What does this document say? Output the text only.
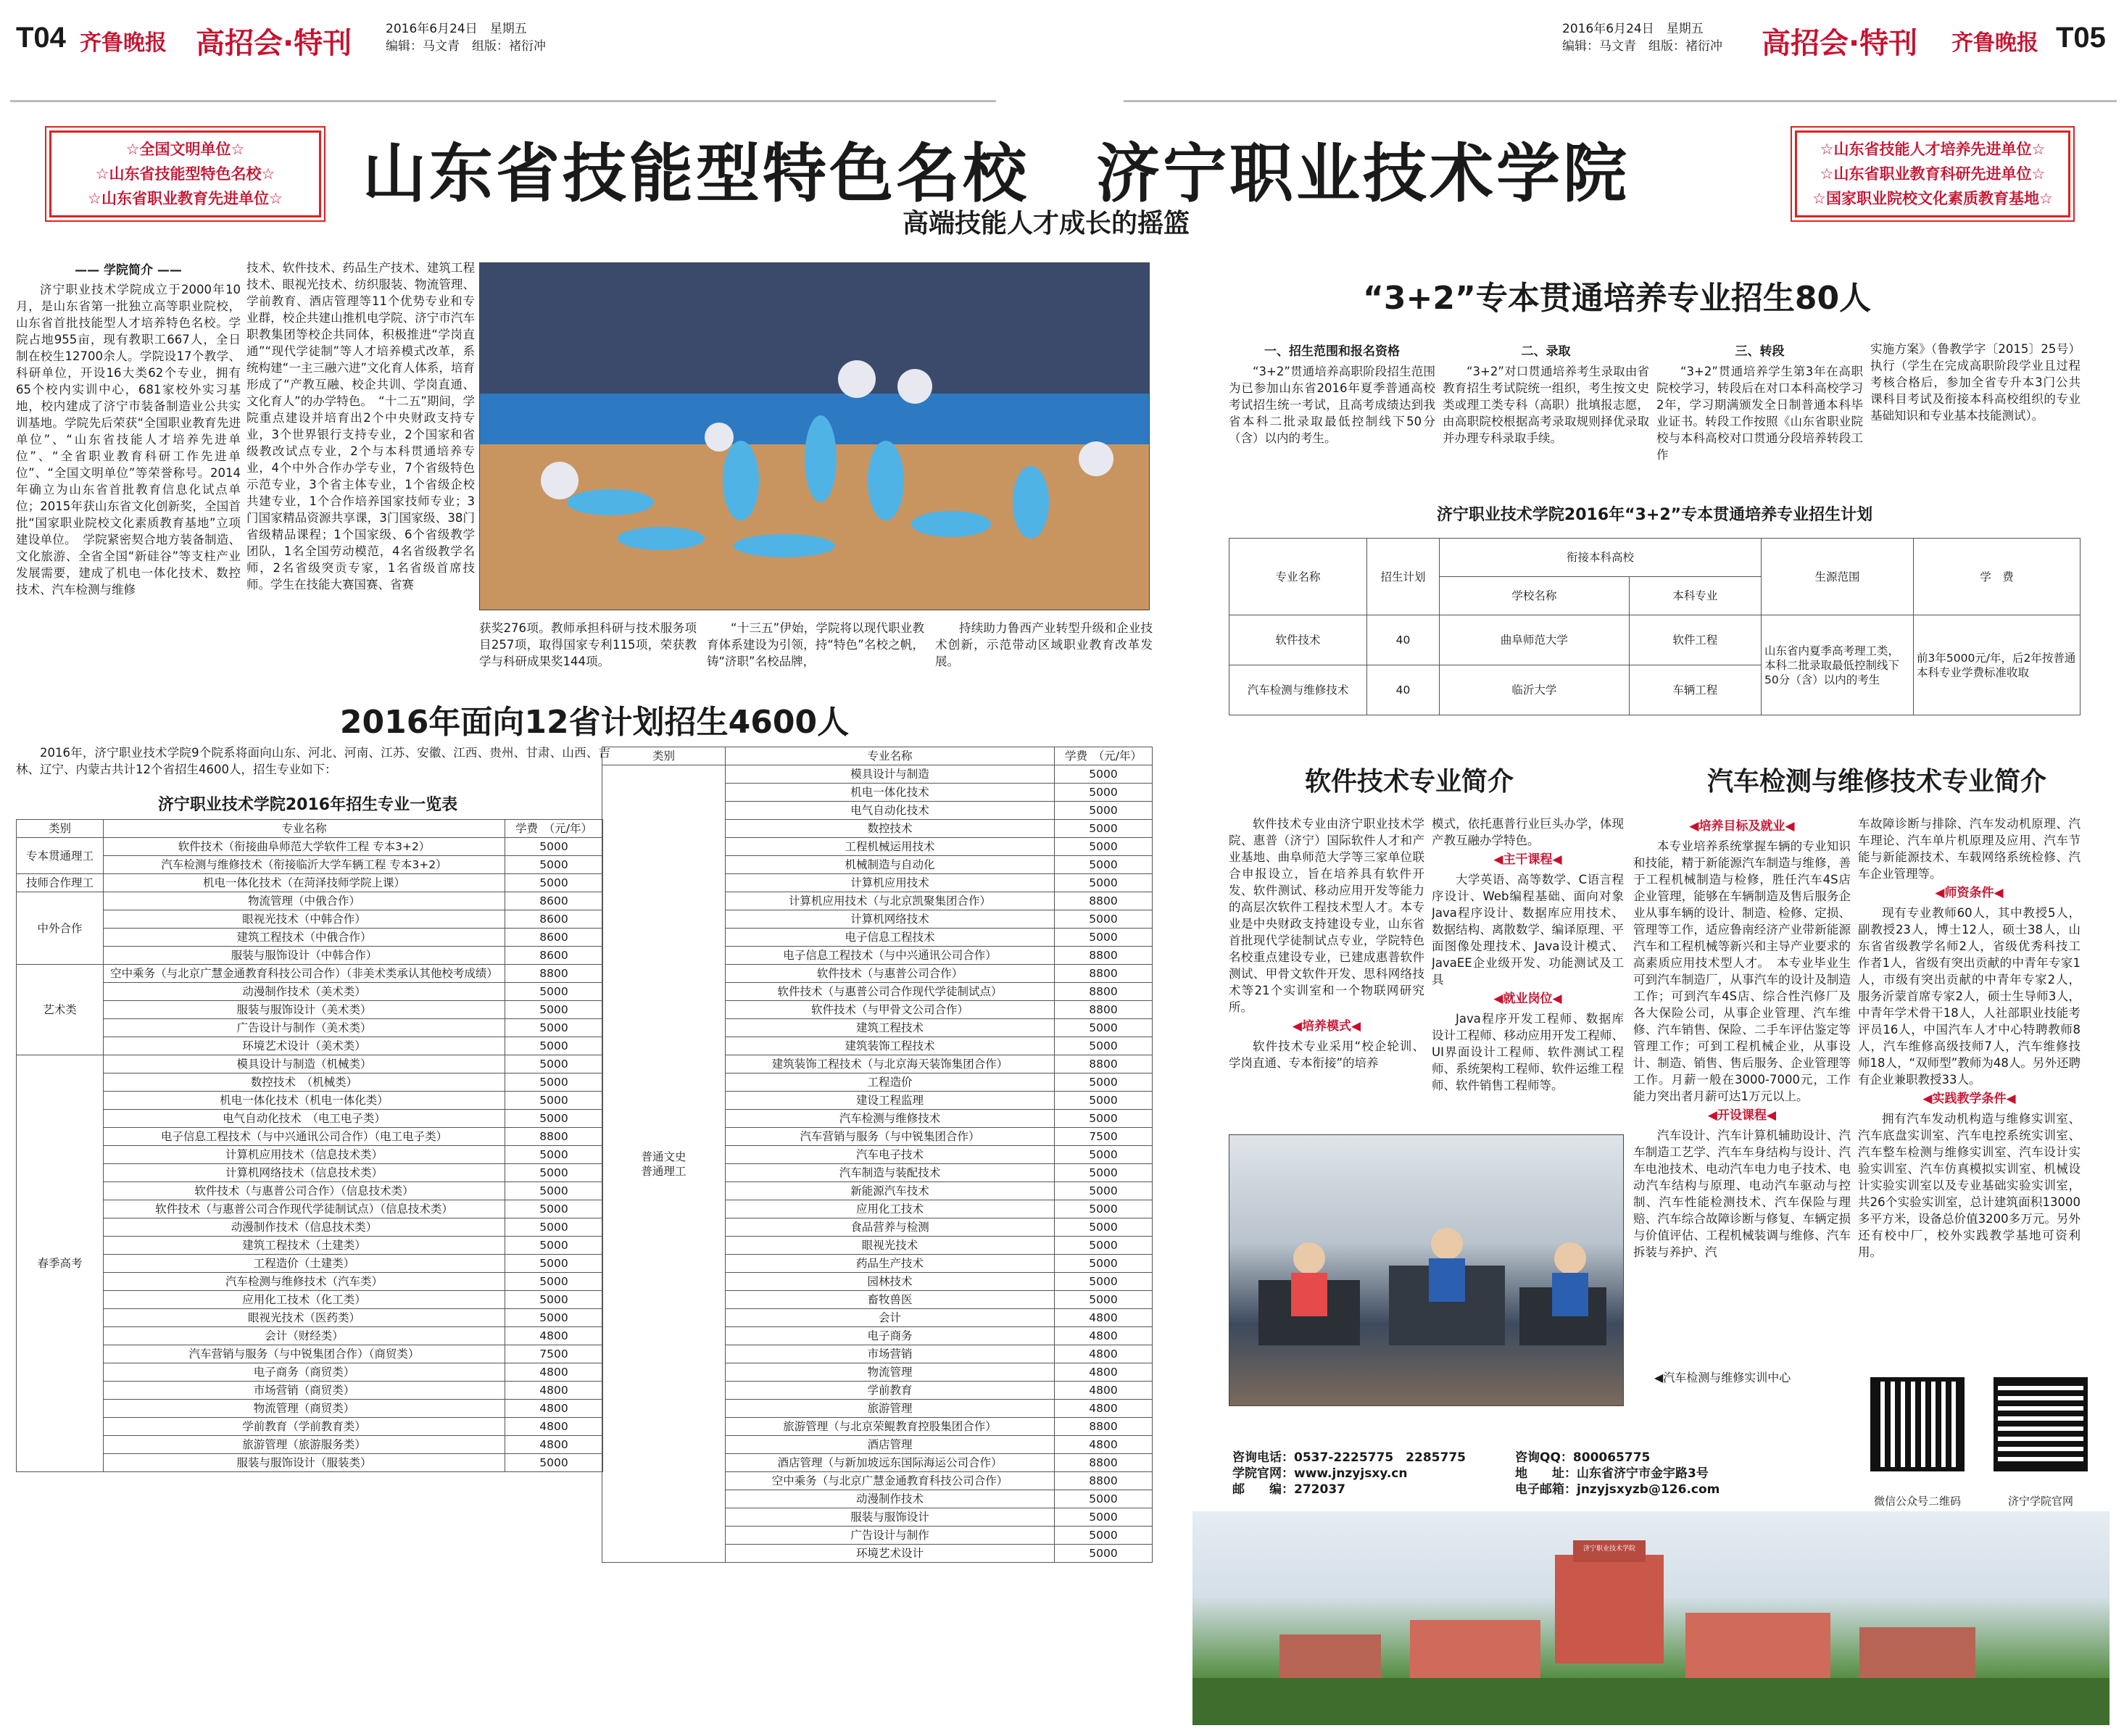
T04 齐鲁晚报 高招会·特刊	2016年6月24日　星期五
编辑：马文青　组版：褚衍冲
2016年6月24日　星期五
编辑：马文青　组版：褚衍冲	高招会·特刊 齐鲁晚报 T05
☆全国文明单位☆
☆山东省技能型特色名校☆
☆山东省职业教育先进单位☆	山东省技能型特色名校　济宁职业技术学院
高端技能人才成长的摇篮
☆山东省技能人才培养先进单位☆
☆山东省职业教育科研先进单位☆
☆国家职业院校文化素质教育基地☆
—— 学院简介 ——
济宁职业技术学院成立于2000年10月，是山东省第一批独立高等职业院校，山东省首批技能型人才培养特色名校。学院占地955亩，现有教职工667人，全日制在校生12700余人。学院设17个教学、科研单位，开设16大类62个专业，拥有65个校内实训中心，681家校外实习基地，校内建成了济宁市装备制造业公共实训基地。学院先后荣获“全国职业教育先进单位”、“山东省技能人才培养先进单位”、“全省职业教育科研工作先进单位”、“全国文明单位”等荣誉称号。2014年确立为山东省首批教育信息化试点单位；2015年获山东省文化创新奖，全国首批“国家职业院校文化素质教育基地”立项建设单位。　学院紧密契合地方装备制造、文化旅游、全省全国“新硅谷”等支柱产业发展需要，建成了机电一体化技术、数控技术、汽车检测与维修
技术、软件技术、药品生产技术、建筑工程技术、眼视光技术、纺织服装、物流管理、学前教育、酒店管理等11个优势专业和专业群，校企共建山推机电学院、济宁市汽车职教集团等校企共同体，积极推进“学岗直通”“现代学徒制”等人才培养模式改革，系统构建“一主三融六进”文化育人体系，培育形成了“产教互融、校企共训、学岗直通、文化育人”的办学特色。　“十二五”期间，学院重点建设并培育出2个中央财政支持专业，3个世界银行支持专业，2个国家和省级教改试点专业，2个与本科贯通培养专业，4个中外合作办学专业，7个省级特色示范专业，3个省主体专业，1个省级企校共建专业，1个合作培养国家技师专业；3门国家精品资源共享课，3门国家级、38门省级精品课程；1个国家级、6个省级教学团队，1名全国劳动模范，4名省级教学名师，2名省级突贡专家，1名省级首席技师。学生在技能大赛国赛、省赛
获奖276项。教师承担科研与技术服务项目257项，取得国家专利115项，荣获教学与科研成果奖144项。
“十三五”伊始，学院将以现代职业教育体系建设为引领，持“特色”名校之帆，铸“济职”名校品牌，
持续助力鲁西产业转型升级和企业技术创新，示范带动区域职业教育改革发展。
2016年面向12省计划招生4600人
2016年，济宁职业技术学院9个院系将面向山东、河北、河南、江苏、安徽、江西、贵州、甘肃、山西、吉林、辽宁、内蒙古共计12个省招生4600人，招生专业如下：
济宁职业技术学院2016年招生专业一览表
类别	专业名称	学费　（元/年）
专本贯通理工	软件技术（衔接曲阜师范大学软件工程 专本3+2）	5000
	汽车检测与维修技术（衔接临沂大学车辆工程 专本3+2）	5000
技师合作理工	机电一体化技术（在菏泽技师学院上课）	5000
中外合作	物流管理（中俄合作）	8600
	眼视光技术（中韩合作）	8600
	建筑工程技术（中俄合作）	8600
	服装与服饰设计（中韩合作）	8600
艺术类	空中乘务（与北京广慧金通教育科技公司合作）（非美术类承认其他校考成绩）	8800
	动漫制作技术（美术类）	5000
	服装与服饰设计（美术类）	5000
	广告设计与制作（美术类）	5000
	环境艺术设计（美术类）	5000
春季高考	模具设计与制造（机械类）	5000
	数控技术　（机械类）	5000
	机电一体化技术（机电一体化类）	5000
	电气自动化技术　（电工电子类）	5000
	电子信息工程技术（与中兴通讯公司合作）（电工电子类）	8800
	计算机应用技术（信息技术类）	5000
	计算机网络技术（信息技术类）	5000
	软件技术（与惠普公司合作）（信息技术类）	5000
	软件技术（与惠普公司合作现代学徒制试点）（信息技术类）	5000
	动漫制作技术（信息技术类）	5000
	建筑工程技术（土建类）	5000
	工程造价（土建类）	5000
	汽车检测与维修技术（汽车类）	5000
	应用化工技术（化工类）	5000
	眼视光技术（医药类）	5000
	会计（财经类）	4800
	汽车营销与服务（与中锐集团合作）（商贸类）	7500
	电子商务（商贸类）	4800
	市场营销（商贸类）	4800
	物流管理（商贸类）	4800
	学前教育（学前教育类）	4800
	旅游管理（旅游服务类）	4800
	服装与服饰设计（服装类）	5000
类别	专业名称	学费　（元/年）
普通文史
普通理工	模具设计与制造	5000
	机电一体化技术	5000
	电气自动化技术	5000
	数控技术	5000
	工程机械运用技术	5000
	机械制造与自动化	5000
	计算机应用技术	5000
	计算机应用技术（与北京凯聚集团合作）	8800
	计算机网络技术	5000
	电子信息工程技术	5000
	电子信息工程技术（与中兴通讯公司合作）	8800
	软件技术（与惠普公司合作）	8800
	软件技术（与惠普公司合作现代学徒制试点）	8800
	软件技术（与甲骨文公司合作）	8800
	建筑工程技术	5000
	建筑装饰工程技术	5000
	建筑装饰工程技术（与北京海天装饰集团合作）	8800
	工程造价	5000
	建设工程监理	5000
	汽车检测与维修技术	5000
	汽车营销与服务（与中锐集团合作）	7500
	汽车电子技术	5000
	汽车制造与装配技术	5000
	新能源汽车技术	5000
	应用化工技术	5000
	食品营养与检测	5000
	眼视光技术	5000
	药品生产技术	5000
	园林技术	5000
	畜牧兽医	5000
	会计	4800
	电子商务	4800
	市场营销	4800
	物流管理	4800
	学前教育	4800
	旅游管理	4800
	旅游管理（与北京荣鲲教育控股集团合作）	8800
	酒店管理	4800
	酒店管理（与新加坡远东国际海运公司合作）	8800
	空中乘务（与北京广慧金通教育科技公司合作）	8800
	动漫制作技术	5000
	服装与服饰设计	5000
	广告设计与制作	5000
	环境艺术设计	5000
“3+2”专本贯通培养专业招生80人
一、招生范围和报名资格
“3+2”贯通培养高职阶段招生范围为已参加山东省2016年夏季普通高校考试招生统一考试，且高考成绩达到我省本科二批录取最低控制线下50分（含）以内的考生。
二、录取
“3+2”对口贯通培养考生录取由省教育招生考试院统一组织，考生按文史类或理工类专科（高职）批填报志愿，由高职院校根据高考录取规则择优录取并办理专科录取手续。
三、转段
“3+2”贯通培养学生第3年在高职院校学习，转段后在对口本科高校学习2年，学习期满颁发全日制普通本科毕业证书。转段工作按照《山东省职业院校与本科高校对口贯通分段培养转段工作
实施方案》（鲁教学字〔2015〕25号）执行（学生在完成高职阶段学业且过程考核合格后，参加全省专升本3门公共课科目考试及衔接本科高校组织的专业基础知识和专业基本技能测试）。
济宁职业技术学院2016年“3+2”专本贯通培养专业招生计划
专业名称	招生计划	衔接本科高校		生源范围	学　费
		学校名称	本科专业		
软件技术	40	曲阜师范大学	软件工程	山东省内夏季高考理工类，本科二批录取最低控制线下50分（含）以内的考生	前3年5000元/年，后2年按普通本科专业学费标准收取
汽车检测与维修技术	40	临沂大学	车辆工程		
软件技术专业简介
软件技术专业由济宁职业技术学院、惠普（济宁）国际软件人才和产业基地、曲阜师范大学等三家单位联合申报设立，旨在培养具有软件开发、软件测试、移动应用开发等能力的高层次软件工程技术型人才。本专业是中央财政支持建设专业，山东省首批现代学徒制试点专业，学院特色名校重点建设专业，已建成惠普软件测试、甲骨文软件开发、思科网络技术等21个实训室和一个物联网研究所。
◀培养模式◀
软件技术专业采用“校企轮训、学岗直通、专本衔接”的培养
模式，依托惠普行业巨头办学，体现产教互融办学特色。
◀主干课程◀
大学英语、高等数学、C语言程序设计、Web编程基础、面向对象Java程序设计、数据库应用技术、数据结构、离散数学、编译原理、平面图像处理技术、Java设计模式、JavaEE企业级开发、功能测试及工具
◀就业岗位◀
Java程序开发工程师、数据库设计工程师、移动应用开发工程师、UI界面设计工程师、软件测试工程师、系统架构工程师、软件运维工程师、软件销售工程师等。
◀汽车检测与维修实训中心
汽车检测与维修技术专业简介
◀培养目标及就业◀
本专业培养系统掌握车辆的专业知识和技能，精于新能源汽车制造与维修，善于工程机械制造与检修，胜任汽车4S店企业管理，能够在车辆制造及售后服务企业从事车辆的设计、制造、检修、定损、管理等工作，适应鲁南经济产业带新能源汽车和工程机械等新兴和主导产业要求的高素质应用技术型人才。　本专业毕业生可到汽车制造厂，从事汽车的设计及制造工作；可到汽车4S店、综合性汽修厂及各大保险公司，从事企业管理、汽车维修、汽车销售、保险、二手车评估鉴定等管理工作；可到工程机械企业，从事设计、制造、销售、售后服务、企业管理等工作。月薪一般在3000-7000元，工作能力突出者月薪可达1万元以上。
◀开设课程◀
汽车设计、汽车计算机辅助设计、汽车制造工艺学、汽车车身结构与设计、汽车电池技术、电动汽车电力电子技术、电动汽车结构与原理、电动汽车驱动与控制、汽车性能检测技术、汽车保险与理赔、汽车综合故障诊断与修复、车辆定损与价值评估、工程机械装调与维修、汽车拆装与养护、汽
车故障诊断与排除、汽车发动机原理、汽车理论、汽车单片机原理及应用、汽车节能与新能源技术、车载网络系统检修、汽车企业管理等。
◀师资条件◀
现有专业教师60人，其中教授5人，副教授23人，博士12人，硕士38人，山东省省级教学名师2人，省级优秀科技工作者1人，省级有突出贡献的中青年专家1人，市级有突出贡献的中青年专家2人，服务沂蒙首席专家2人，硕士生导师3人，中青年学术骨干18人，人社部职业技能考评员16人，中国汽车人才中心特聘教师8人，汽车维修高级技师7人，汽车维修技师18人，“双师型”教师为48人。另外还聘有企业兼职教授33人。
◀实践教学条件◀
拥有汽车发动机构造与维修实训室、汽车底盘实训室、汽车电控系统实训室、汽车整车检测与维修实训室、汽车设计实验实训室、汽车仿真模拟实训室、机械设计实验实训室以及专业基础实验实训室，共26个实验实训室，总计建筑面积13000多平方米，设备总价值3200多万元。另外还有校中厂，校外实践教学基地可资利用。
咨询电话：0537-2225775　2285775	咨询QQ：800065775
学院官网：www.jnzyjsxy.cn	地　　址：山东省济宁市金宇路3号
邮　　编：272037	电子邮箱：jnzyjsxyzb@126.com
微信公众号二维码	济宁学院官网
济宁职业技术学院
